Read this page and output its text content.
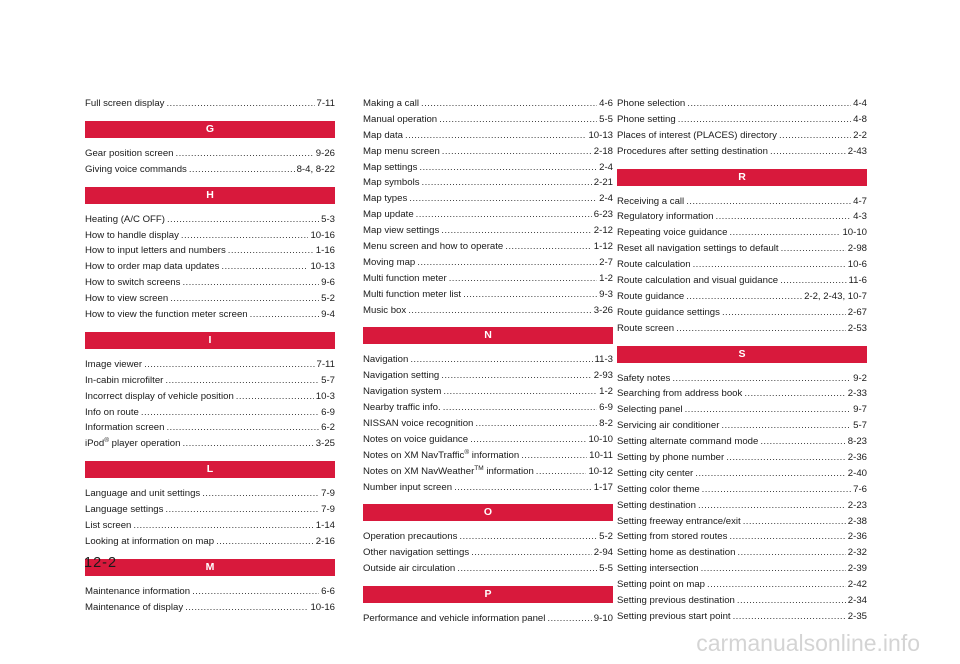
Full screen display .....	7-11
G
Gear position screen .....	9-26
Giving voice commands .....	8-4, 8-22
H
Heating (A/C OFF) .....	5-3
How to handle display .....	10-16
How to input letters and numbers .....	1-16
How to order map data updates .....	10-13
How to switch screens .....	9-6
How to view screen .....	5-2
How to view the function meter screen .....	9-4
I
Image viewer .....	7-11
In-cabin microfilter .....	5-7
Incorrect display of vehicle position .....	10-3
Info on route .....	6-9
Information screen .....	6-2
iPod® player operation .....	3-25
L
Language and unit settings .....	7-9
Language settings .....	7-9
List screen .....	1-14
Looking at information on map .....	2-16
M
Maintenance information .....	6-6
Maintenance of display .....	10-16
Making a call .....	4-6
Manual operation .....	5-5
Map data .....	10-13
Map menu screen .....	2-18
Map settings .....	2-4
Map symbols .....	2-21
Map types .....	2-4
Map update .....	6-23
Map view settings .....	2-12
Menu screen and how to operate .....	1-12
Moving map .....	2-7
Multi function meter .....	1-2
Multi function meter list .....	9-3
Music box .....	3-26
N
Navigation .....	11-3
Navigation setting .....	2-93
Navigation system .....	1-2
Nearby traffic info. .....	6-9
NISSAN voice recognition .....	8-2
Notes on voice guidance .....	10-10
Notes on XM NavTraffic® information .....	10-11
Notes on XM NavWeather™ information .....	10-12
Number input screen .....	1-17
O
Operation precautions .....	5-2
Other navigation settings .....	2-94
Outside air circulation .....	5-5
P
Performance and vehicle information panel .....	9-10
Phone selection .....	4-4
Phone setting .....	4-8
Places of interest (PLACES) directory .....	2-2
Procedures after setting destination .....	2-43
R
Receiving a call .....	4-7
Regulatory information .....	4-3
Repeating voice guidance .....	10-10
Reset all navigation settings to default .....	2-98
Route calculation .....	10-6
Route calculation and visual guidance .....	11-6
Route guidance .....	2-2, 2-43, 10-7
Route guidance settings .....	2-67
Route screen .....	2-53
S
Safety notes .....	9-2
Searching from address book .....	2-33
Selecting panel .....	9-7
Servicing air conditioner .....	5-7
Setting alternate command mode .....	8-23
Setting by phone number .....	2-36
Setting city center .....	2-40
Setting color theme .....	7-6
Setting destination .....	2-23
Setting freeway entrance/exit .....	2-38
Setting from stored routes .....	2-36
Setting home as destination .....	2-32
Setting intersection .....	2-39
Setting point on map .....	2-42
Setting previous destination .....	2-34
Setting previous start point .....	2-35
12-2
carmanualsonline.info
